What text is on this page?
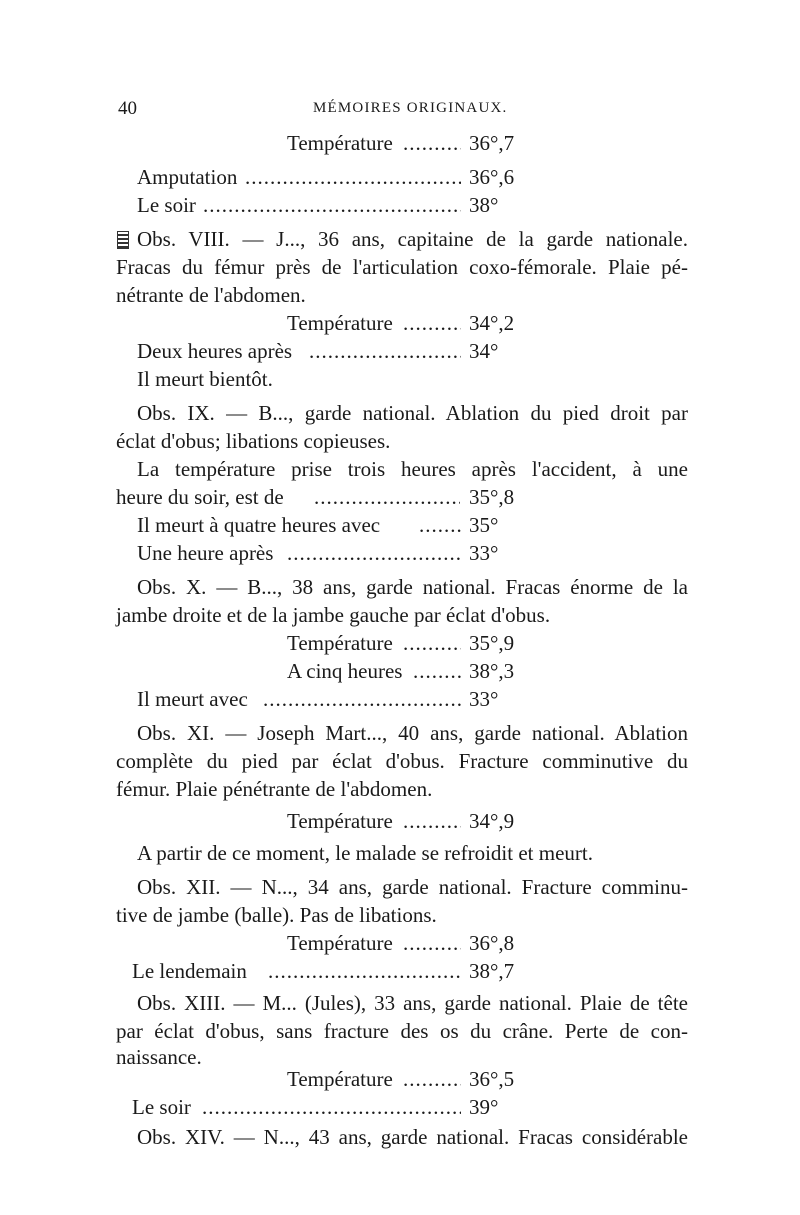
40	MÉMOIRES ORIGINAUX.
Température .....	36°,7
Amputation .....	36°,6
Le soir .....	38°
Obs. VIII. — J..., 36 ans, capitaine de la garde nationale.
Fracas du fémur près de l'articulation coxo-fémorale. Plaie pé-
nétrante de l'abdomen.
Température .....	34°,2
Deux heures après .....	34°
Il meurt bientôt.
Obs. IX. — B..., garde national. Ablation du pied droit par
éclat d'obus; libations copieuses.
La température prise trois heures après l'accident, à une
heure du soir, est de .....	35°,8
Il meurt à quatre heures avec .....	35°
Une heure après .....	33°
Obs. X. — B..., 38 ans, garde national. Fracas énorme de la
jambe droite et de la jambe gauche par éclat d'obus.
Température .....	35°,9
A cinq heures .....	38°,3
Il meurt avec .....	33°
Obs. XI. — Joseph Mart..., 40 ans, garde national. Ablation
complète du pied par éclat d'obus. Fracture comminutive du
fémur. Plaie pénétrante de l'abdomen.
Température .....	34°,9
A partir de ce moment, le malade se refroidit et meurt.
Obs. XII. — N..., 34 ans, garde national. Fracture comminu-
tive de jambe (balle). Pas de libations.
Température .....	36°,8
Le lendemain .....	38°,7
Obs. XIII. — M... (Jules), 33 ans, garde national. Plaie de tête
par éclat d'obus, sans fracture des os du crâne. Perte de con-
naissance.
Température .....	36°,5
Le soir .....	39°
Obs. XIV. — N..., 43 ans, garde national. Fracas considérable
